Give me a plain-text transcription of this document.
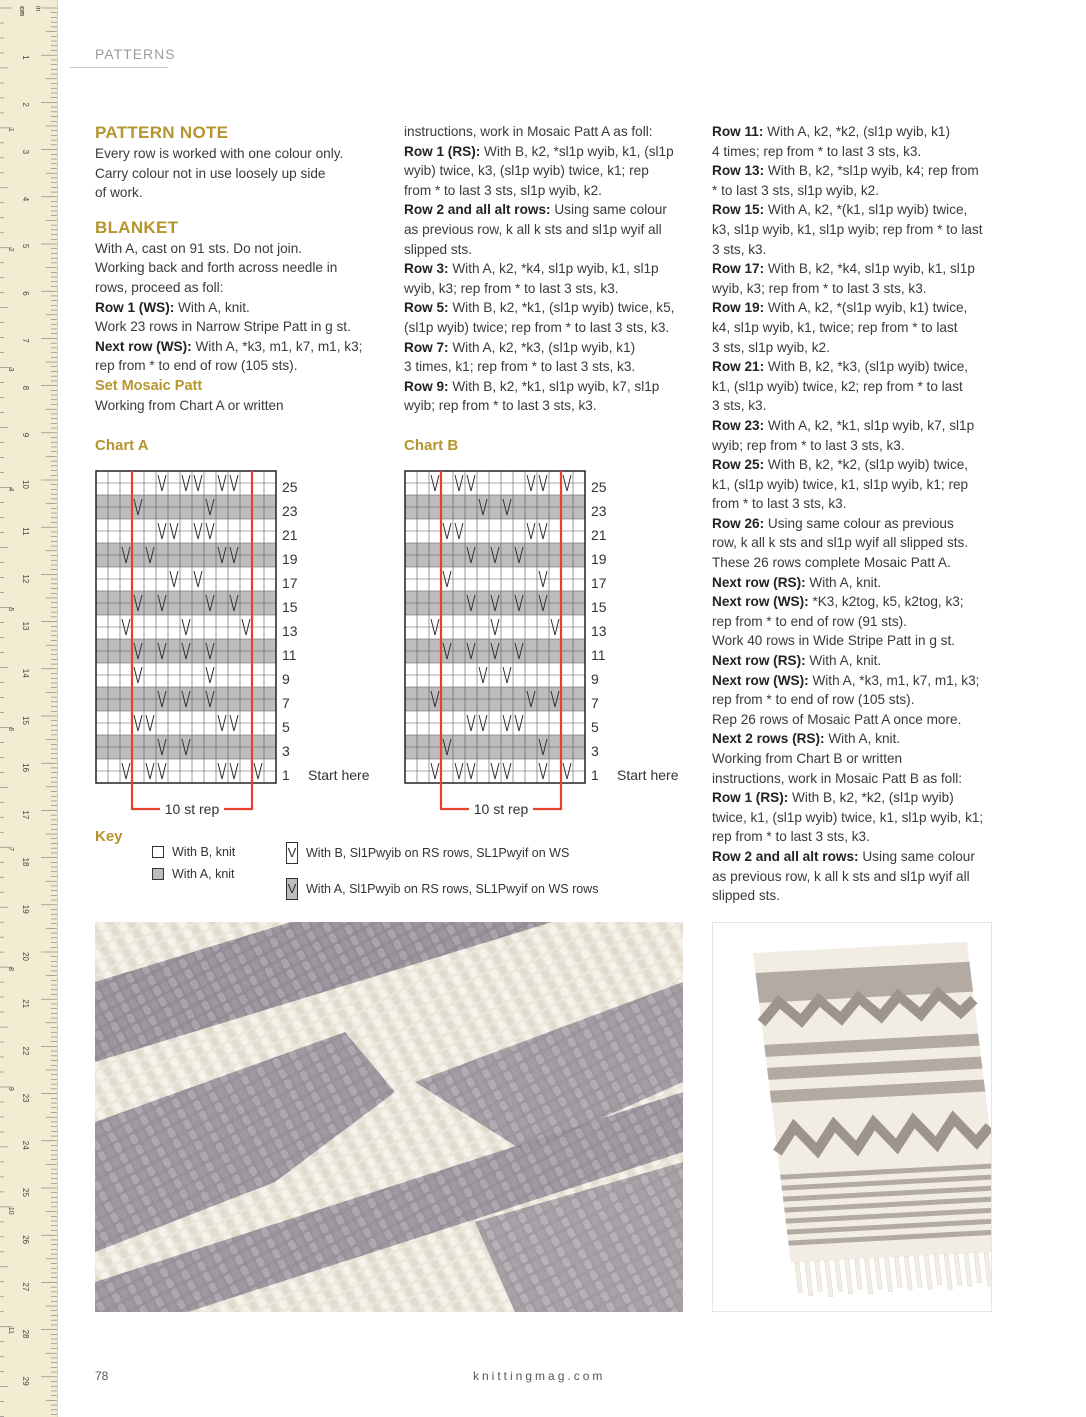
1
2
3
4
5
6
7
8
9
10
11
12
13
14
15
16
17
18
19
20
21
22
23
24
25
26
27
28
29
1
2
3
4
5
6
7
8
9
10
11
in
cm
PATTERNS
PATTERN NOTE

Every row is worked with one colour only.

Carry colour not in use loosely up side

of work.

BLANKET

With A, cast on 91 sts. Do not join.

Working back and forth across needle in

rows, proceed as foll:

Row 1 (WS): With A, knit.

Work 23 rows in Narrow Stripe Patt in g st.

Next row (WS): With A, *k3, m1, k7, m1, k3;

rep from * to end of row (105 sts).

Set Mosaic Patt

Working from Chart A or written

instructions, work in Mosaic Patt A as foll:

Row 1 (RS): With B, k2, *sl1p wyib, k1, (sl1p

wyib) twice, k3, (sl1p wyib) twice, k1; rep

from * to last 3 sts, sl1p wyib, k2.

Row 2 and all alt rows: Using same colour

as previous row, k all k sts and sl1p wyif all

slipped sts.

Row 3: With A, k2, *k4, sl1p wyib, k1, sl1p

wyib, k3; rep from * to last 3 sts, k3.

Row 5: With B, k2, *k1, (sl1p wyib) twice, k5,

(sl1p wyib) twice; rep from * to last 3 sts, k3.

Row 7: With A, k2, *k3, (sl1p wyib, k1)

3 times, k1; rep from * to last 3 sts, k3.

Row 9: With B, k2, *k1, sl1p wyib, k7, sl1p

wyib; rep from * to last 3 sts, k3.

Row 11: With A, k2, *k2, (sl1p wyib, k1)

4 times; rep from * to last 3 sts, k3.

Row 13: With B, k2, *sl1p wyib, k4; rep from

* to last 3 sts, sl1p wyib, k2.

Row 15: With A, k2, *(k1, sl1p wyib) twice,

k3, sl1p wyib, k1, sl1p wyib; rep from * to last

3 sts, k3.

Row 17: With B, k2, *k4, sl1p wyib, k1, sl1p

wyib, k3; rep from * to last 3 sts, k3.

Row 19: With A, k2, *(sl1p wyib, k1) twice,

k4, sl1p wyib, k1, twice; rep from * to last

3 sts, sl1p wyib, k2.

Row 21: With B, k2, *k3, (sl1p wyib) twice,

k1, (sl1p wyib) twice, k2; rep from * to last

3 sts, k3.

Row 23: With A, k2, *k1, sl1p wyib, k7, sl1p

wyib; rep from * to last 3 sts, k3.

Row 25: With B, k2, *k2, (sl1p wyib) twice,

k1, (sl1p wyib) twice, k1, sl1p wyib, k1; rep

from * to last 3 sts, k3.

Row 26: Using same colour as previous

row, k all k sts and sl1p wyif all slipped sts.

These 26 rows complete Mosaic Patt A.

Next row (RS): With A, knit.

Next row (WS): *K3, k2tog, k5, k2tog, k3;

rep from * to end of row (91 sts).

Work 40 rows in Wide Stripe Patt in g st.

Next row (RS): With A, knit.

Next row (WS): With A, *k3, m1, k7, m1, k3;

rep from * to end of row (105 sts).

Rep 26 rows of Mosaic Patt A once more.

Next 2 rows (RS): With A, knit.

Working from Chart B or written

instructions, work in Mosaic Patt B as foll:

Row 1 (RS): With B, k2, *k2, (sl1p wyib)

twice, k1, (sl1p wyib) twice, k1, sl1p wyib, k1;

rep from * to last 3 sts, k3.

Row 2 and all alt rows: Using same colour

as previous row, k all k sts and sl1p wyif all

slipped sts.

Chart A	Chart B
25
23
21
19
17
15
13
11
9
7
5
3
1 Start here
10 st rep
25
23
21
19
17
15
13
11
9
7
5
3
1 Start here
10 st rep
Key
With B, knit
With A, knit
V With B, Sl1Pwyib on RS rows, SL1Pwyif on WS
V With A, Sl1Pwyib on RS rows, SL1Pwyif on WS rows
78	knittingmag.com
